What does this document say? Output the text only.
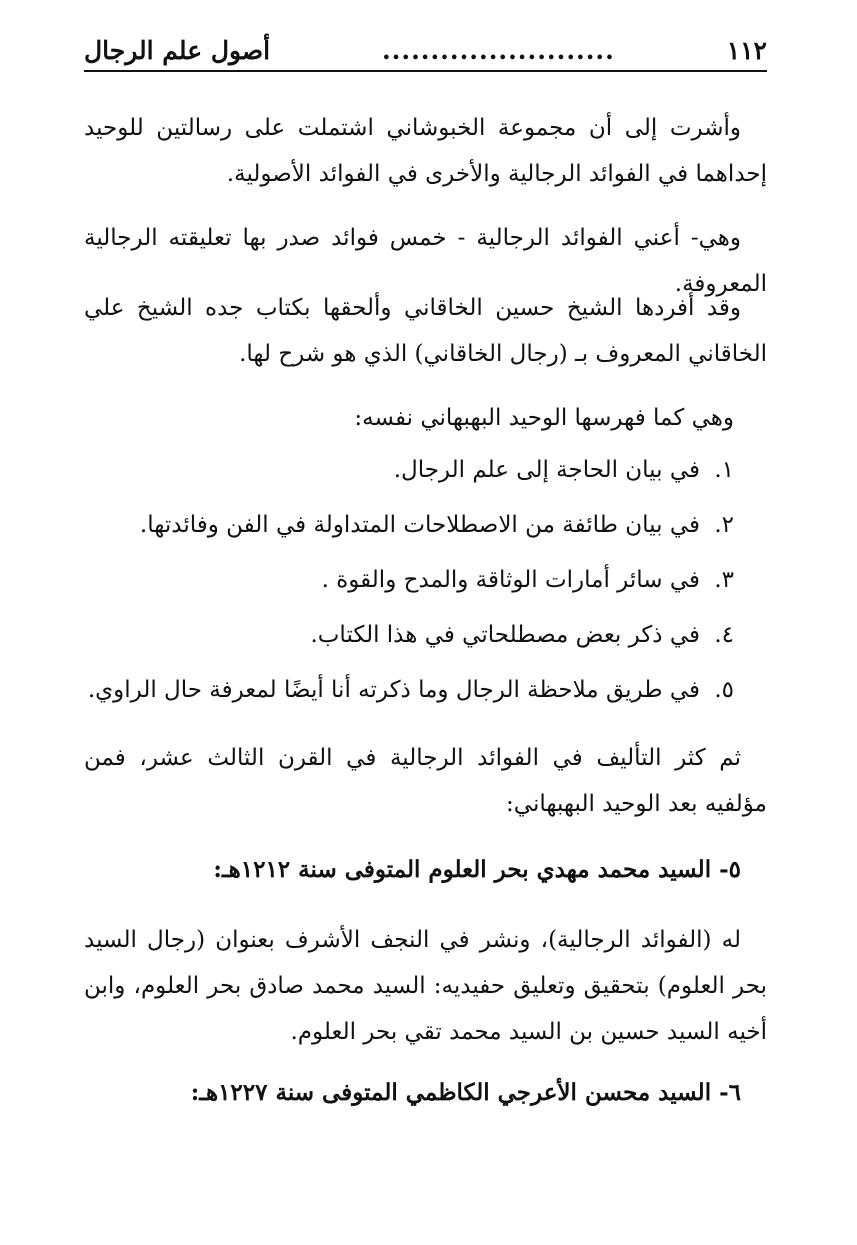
١١٢
........................
أصول علم الرجال

وأشرت إلى أن مجموعة الخبوشاني اشتملت على رسالتين للوحيد إحداهما في الفوائد الرجالية والأخرى في الفوائد الأصولية.

وهي- أعني الفوائد الرجالية - خمس فوائد صدر بها تعليقته الرجالية المعروفة.

وقد أفردها الشيخ حسين الخاقاني وألحقها بكتاب جده الشيخ علي الخاقاني المعروف بـ (رجال الخاقاني) الذي هو شرح لها.

وهي كما فهرسها الوحيد البهبهاني نفسه:

١.
في بيان الحاجة إلى علم الرجال.
٢.
في بيان طائفة من الاصطلاحات المتداولة في الفن وفائدتها.
٣.
في سائر أمارات الوثاقة والمدح والقوة .
٤.
في ذكر بعض مصطلحاتي في هذا الكتاب.
٥.
في طريق ملاحظة الرجال وما ذكرته أنا أيضًا لمعرفة حال الراوي.

ثم كثر التأليف في الفوائد الرجالية في القرن الثالث عشر، فمن مؤلفيه بعد الوحيد البهبهاني:

٥- السيد محمد مهدي بحر العلوم المتوفى سنة ١٢١٢هـ:

له (الفوائد الرجالية)، ونشر في النجف الأشرف بعنوان (رجال السيد بحر العلوم) بتحقيق وتعليق حفيديه: السيد محمد صادق بحر العلوم، وابن أخيه السيد حسين بن السيد محمد تقي بحر العلوم.

٦- السيد محسن الأعرجي الكاظمي المتوفى سنة ١٢٢٧هـ:
